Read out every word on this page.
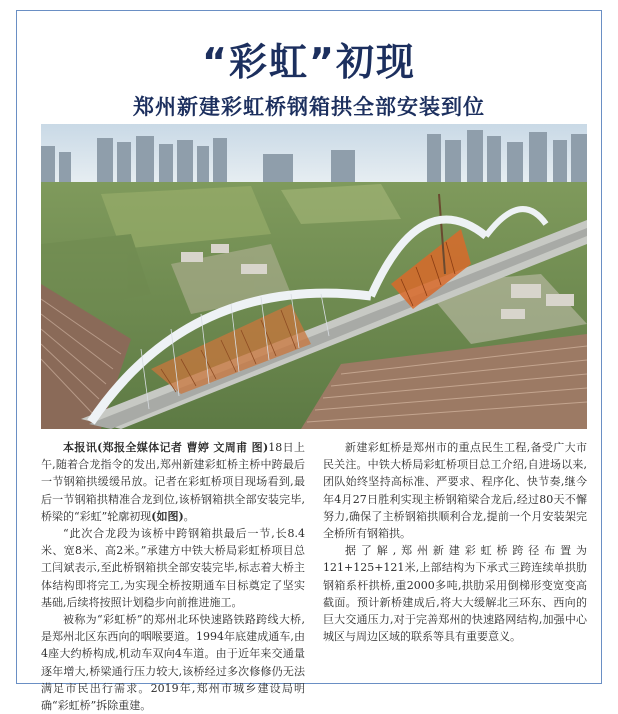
“彩虹”初现
郑州新建彩虹桥钢箱拱全部安装到位

本报讯(郑报全媒体记者 曹婷 文周甫 图)18日上午,随着合龙指令的发出,郑州新建彩虹桥主桥中跨最后一节钢箱拱缓缓吊放。记者在彩虹桥项目现场看到,最后一节钢箱拱精准合龙到位,该桥钢箱拱全部安装完毕,桥梁的“彩虹”轮廓初现(如图)。

“此次合龙段为该桥中跨钢箱拱最后一节,长8.4米、宽8米、高2米。”承建方中铁大桥局彩虹桥项目总工闫斌表示,至此桥钢箱拱全部安装完毕,标志着大桥主体结构即将完工,为实现全桥按期通车目标奠定了坚实基础,后续将按照计划稳步向前推进施工。

被称为“彩虹桥”的郑州北环快速路铁路跨线大桥,是郑州北区东西向的咽喉要道。1994年底建成通车,由4座大约桥构成,机动车双向4车道。由于近年来交通量逐年增大,桥梁通行压力较大,该桥经过多次修修仍无法满足市民出行需求。2019年,郑州市城乡建设局明确“彩虹桥”拆除重建。

新建彩虹桥是郑州市的重点民生工程,备受广大市民关注。中铁大桥局彩虹桥项目总工介绍,自进场以来,团队始终坚持高标准、严要求、程序化、快节奏,继今年4月27日胜利实现主桥钢箱梁合龙后,经过80天不懈努力,确保了主桥钢箱拱顺利合龙,提前一个月安装架完全桥所有钢箱拱。

据了解,郑州新建彩虹桥跨径布置为121+125+121米,上部结构为下承式三跨连续单拱肋钢箱系杆拱桥,重2000多吨,拱肋采用倒梯形变宽变高截面。预计新桥建成后,将大大缓解北三环东、西向的巨大交通压力,对于完善郑州的快速路网结构,加强中心城区与周边区域的联系等具有重要意义。
